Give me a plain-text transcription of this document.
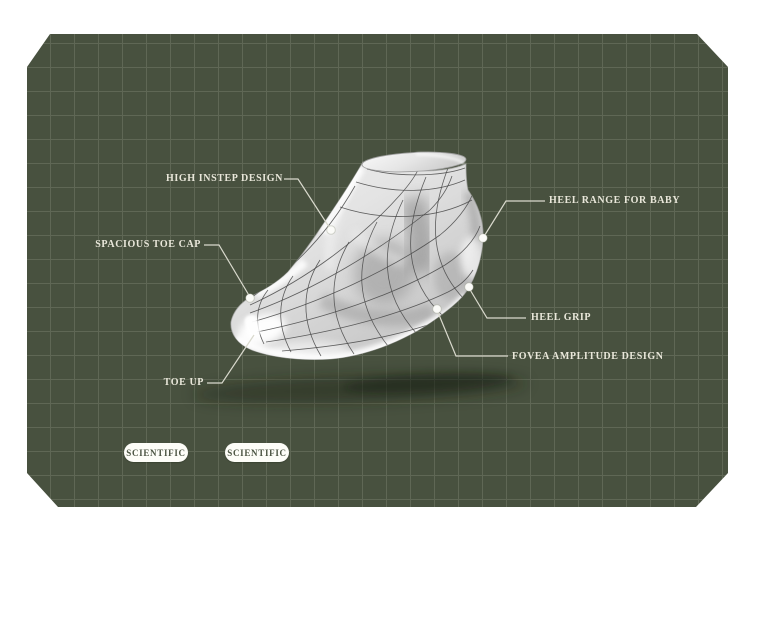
HIGH INSTEP DESIGN
SPACIOUS TOE CAP
HEEL RANGE FOR BABY
HEEL GRIP
FOVEA AMPLITUDE DESIGN
TOE UP
SCIENTIFIC	SCIENTIFIC
